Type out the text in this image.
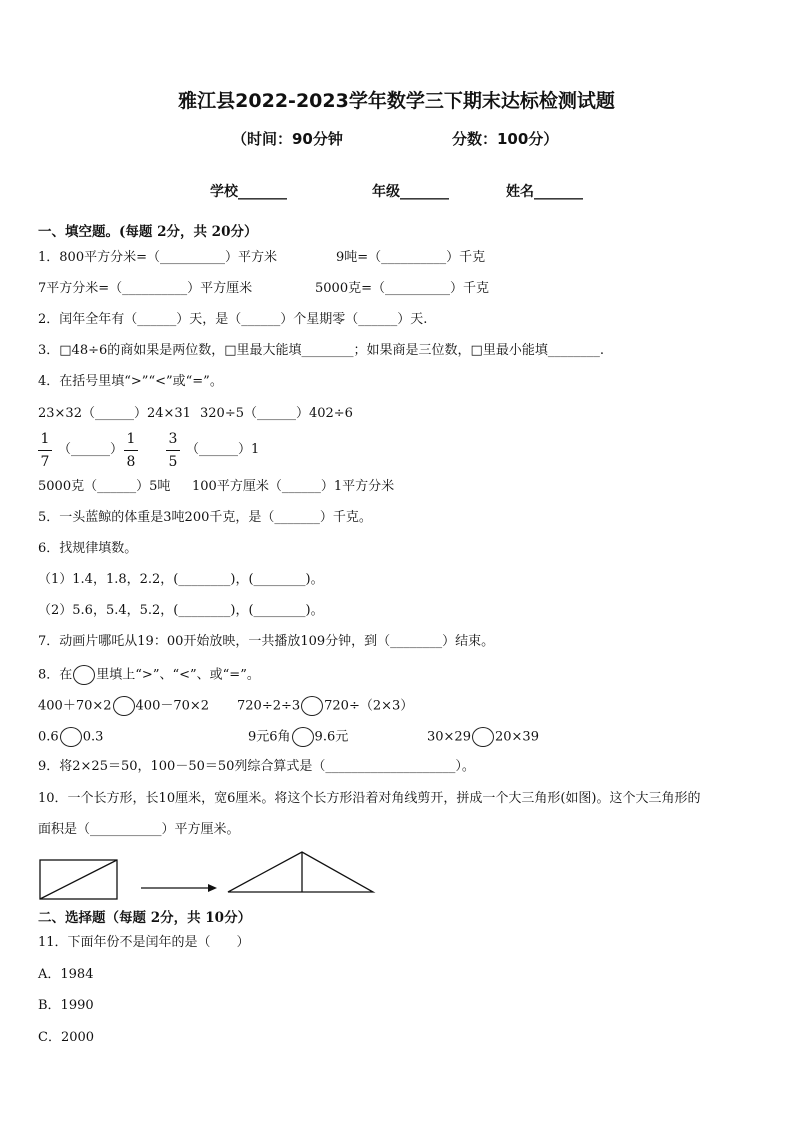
雅江县2022-2023学年数学三下期末达标检测试题
（时间：90分钟	分数：100分）
学校_______	年级_______	姓名_______
一、填空题。(每题 2分，共 20分）
1．800平方分米=（__________）平方米	9吨=（__________）千克
7平方分米=（__________）平方厘米	5000克=（__________）千克
2．闰年全年有（______）天，是（______）个星期零（______）天.
3．□48÷6的商如果是两位数，□里最大能填________；如果商是三位数，□里最小能填________.
4．在括号里填“>”“<”或“=”。
23×32（______）24×31 320÷5（______）402÷6
1
7
（______）
1
8
3
5
（______）1
5000克（______）5吨 100平方厘米（______）1平方分米
5．一头蓝鲸的体重是3吨200千克，是（_______）千克。
6．找规律填数。
（1）1.4，1.8，2.2，(________)，(________)。
（2）5.6，5.4，5.2，(________)，(________)。
7．动画片哪吒从19：00开始放映，一共播放109分钟，到（________）结束。
8．在 里填上“>”、“<”、或“=”。
400＋70×2 400－70×2 720÷2÷3 720÷（2×3）
0.6 0.3	9元6角 9.6元	30×29 20×39
9．将2×25＝50，100－50＝50列综合算式是（____________________）。
10．一个长方形，长10厘米，宽6厘米。将这个长方形沿着对角线剪开，拼成一个大三角形(如图)。这个大三角形的
面积是（___________）平方厘米。
二、选择题（每题 2分，共 10分）
11．下面年份不是闰年的是（　　）
A．1984
B．1990
C．2000
